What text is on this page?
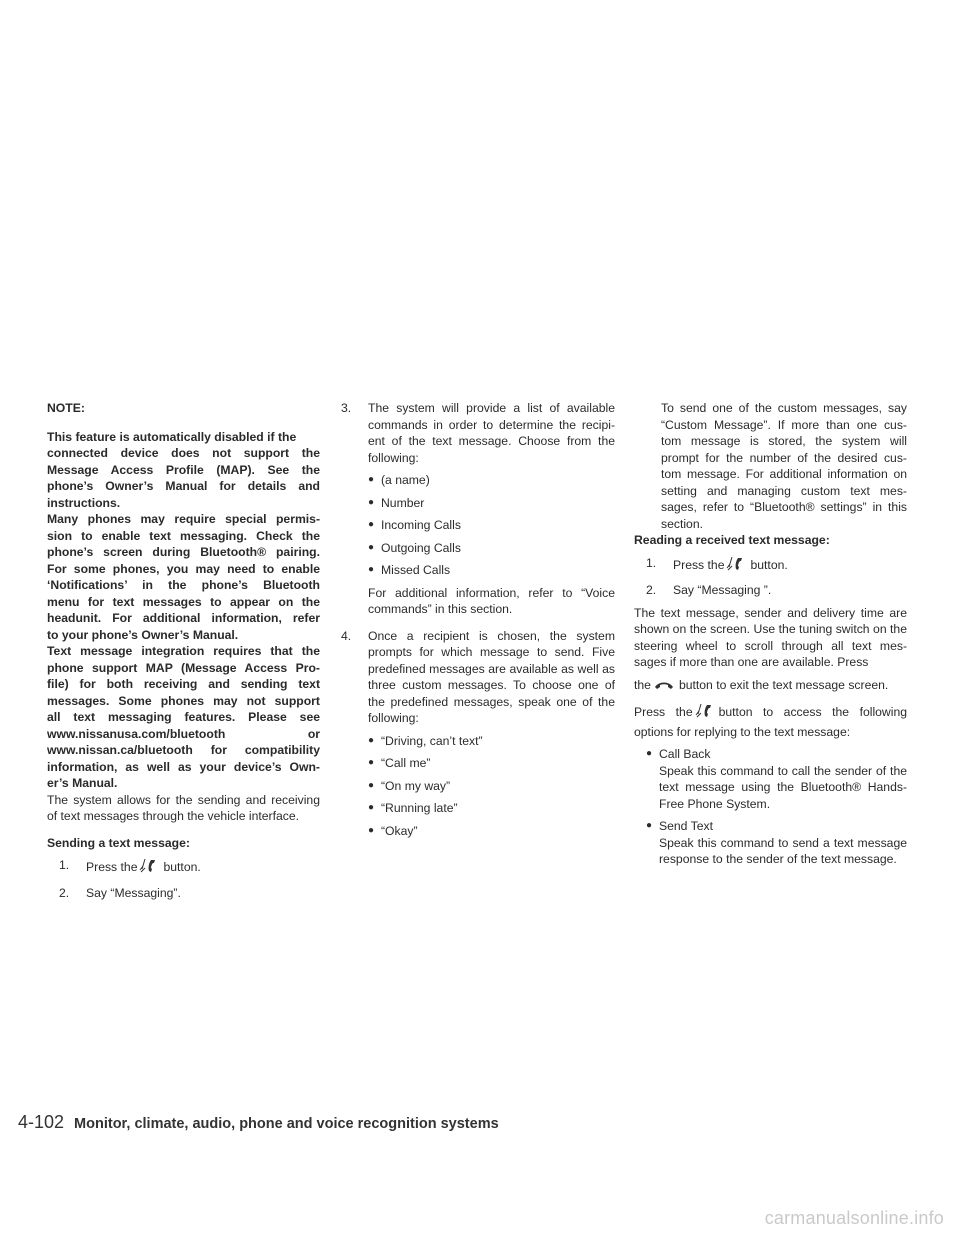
NOTE:

This feature is automatically disabled if the
connected device does not support the
Message Access Profile (MAP). See the
phone’s Owner’s Manual for details and
instructions.
Many phones may require special permis-
sion to enable text messaging. Check the
phone’s screen during Bluetooth® pairing.
For some phones, you may need to enable
‘Notifications’ in the phone’s Bluetooth
menu for text messages to appear on the
headunit. For additional information, refer
to your phone’s Owner’s Manual.
Text message integration requires that the
phone support MAP (Message Access Pro-
file) for both receiving and sending text
messages. Some phones may not support
all text messaging features. Please see
www.nissanusa.com/bluetooth	or
www.nissan.ca/bluetooth for compatibility
information, as well as your device’s Own-
er’s Manual.

The system allows for the sending and receiving of text messages through the vehicle interface.

Sending a text message:

1.	Press the button.
2.	Say “Messaging”.
3.	The system will provide a list of available commands in order to determine the recipi- ent of the text message. Choose from the following:
● (a name)
● Number
● Incoming Calls
● Outgoing Calls
● Missed Calls

For additional information, refer to “Voice commands” in this section.

4.	Once a recipient is chosen, the system prompts for which message to send. Five predefined messages are available as well as three custom messages. To choose one of the predefined messages, speak one of the following:
● “Driving, can’t text”
● “Call me”
● “On my way”
● “Running late”
● “Okay”

To send one of the custom messages, say “Custom Message”. If more than one cus- tom message is stored, the system will prompt for the number of the desired cus- tom message. For additional information on setting and managing custom text mes- sages, refer to “Bluetooth® settings” in this section.

Reading a received text message:

1.	Press the button.
2.	Say “Messaging ”.

The text message, sender and delivery time are shown on the screen. Use the tuning switch on the steering wheel to scroll through all text mes- sages if more than one are available. Press

the button to exit the text message screen.

Press the button to access the following options for replying to the text message:

● Call Back
Speak this command to call the sender of the text message using the Bluetooth® Hands-Free Phone System.
● Send Text
Speak this command to send a text message response to the sender of the text message.
4-102 Monitor, climate, audio, phone and voice recognition systems
carmanualsonline.info
